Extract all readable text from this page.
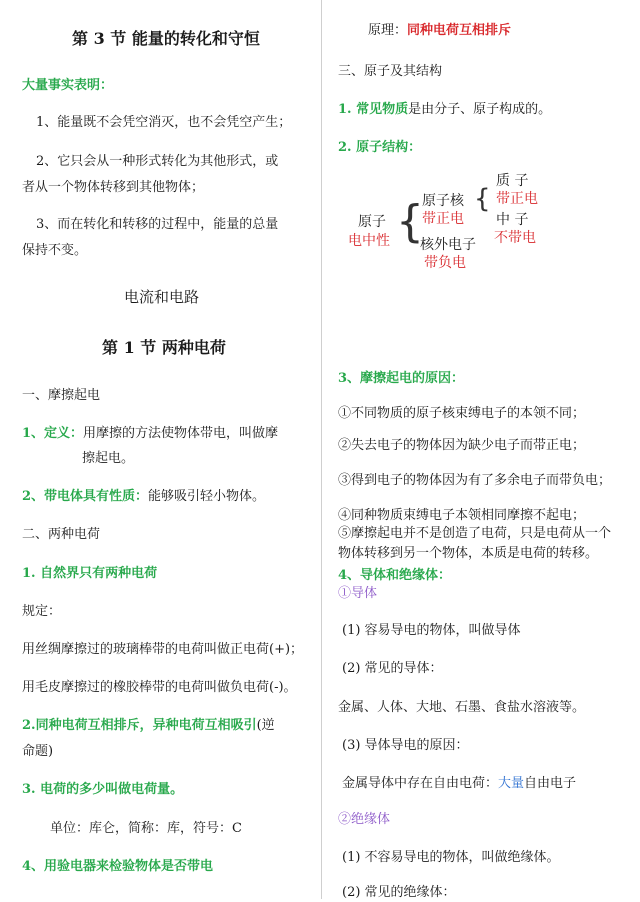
第 3 节 能量的转化和守恒
大量事实表明：
1、能量既不会凭空消灭，也不会凭空产生；
2、它只会从一种形式转化为其他形式，或
者从一个物体转移到其他物体；
3、而在转化和转移的过程中，能量的总量
保持不变。
电流和电路
第 1 节 两种电荷
一、摩擦起电
1、定义：用摩擦的方法使物体带电，叫做摩
擦起电。
2、带电体具有性质：能够吸引轻小物体。
二、两种电荷
1. 自然界只有两种电荷
规定：
用丝绸摩擦过的玻璃棒带的电荷叫做正电荷(+)；
用毛皮摩擦过的橡胶棒带的电荷叫做负电荷(-)。
2.同种电荷互相排斥，异种电荷互相吸引(逆
命题)
3. 电荷的多少叫做电荷量。
单位：库仑，简称：库，符号：C
4、用验电器来检验物体是否带电
原理：同种电荷互相排斥
三、原子及其结构
1. 常见物质是由分子、原子构成的。
2. 原子结构：
原子
电中性 {
原子核
带正电
{
质 子
带正电
中 子
不带电
核外电子
带负电
3、摩擦起电的原因：
①不同物质的原子核束缚电子的本领不同；
②失去电子的物体因为缺少电子而带正电；
③得到电子的物体因为有了多余电子而带负电；
④同种物质束缚电子本领相同摩擦不起电；
⑤摩擦起电并不是创造了电荷，只是电荷从一个
物体转移到另一个物体，本质是电荷的转移。
4、导体和绝缘体：
①导体
(1) 容易导电的物体，叫做导体
(2) 常见的导体：
金属、人体、大地、石墨、食盐水溶液等。
(3) 导体导电的原因：
金属导体中存在自由电荷：大量自由电子
②绝缘体
(1) 不容易导电的物体，叫做绝缘体。
(2) 常见的绝缘体：
